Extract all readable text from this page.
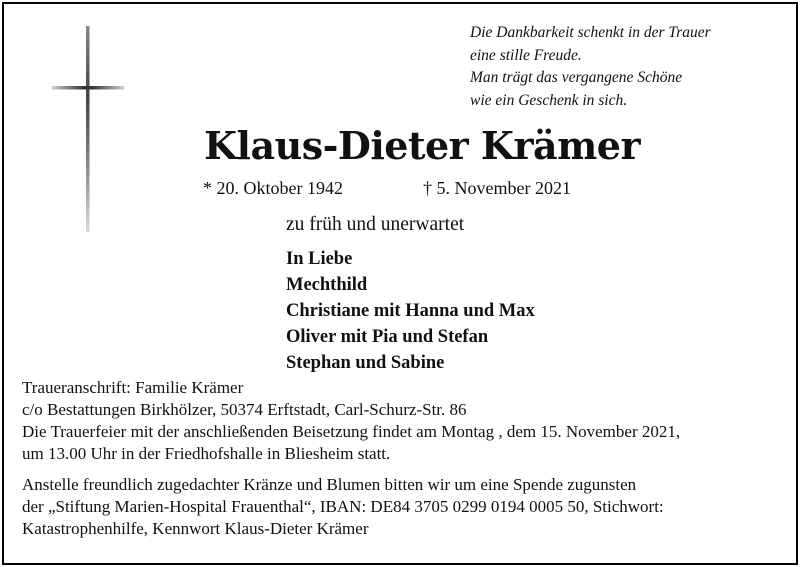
Die Dankbarkeit schenkt in der Trauer
eine stille Freude.
Man trägt das vergangene Schöne
wie ein Geschenk in sich.
Klaus-Dieter Krämer
* 20. Oktober 1942	† 5. November 2021
zu früh und unerwartet
In Liebe
Mechthild
Christiane mit Hanna und Max
Oliver mit Pia und Stefan
Stephan und Sabine
Traueranschrift: Familie Krämer
c/o Bestattungen Birkhölzer, 50374 Erftstadt, Carl-Schurz-Str. 86
Die Trauerfeier mit der anschließenden Beisetzung findet am Montag , dem 15. November 2021,
um 13.00 Uhr in der Friedhofshalle in Bliesheim statt.
Anstelle freundlich zugedachter Kränze und Blumen bitten wir um eine Spende zugunsten
der „Stiftung Marien-Hospital Frauenthal“, IBAN: DE84 3705 0299 0194 0005 50, Stichwort:
Katastrophenhilfe, Kennwort Klaus-Dieter Krämer
